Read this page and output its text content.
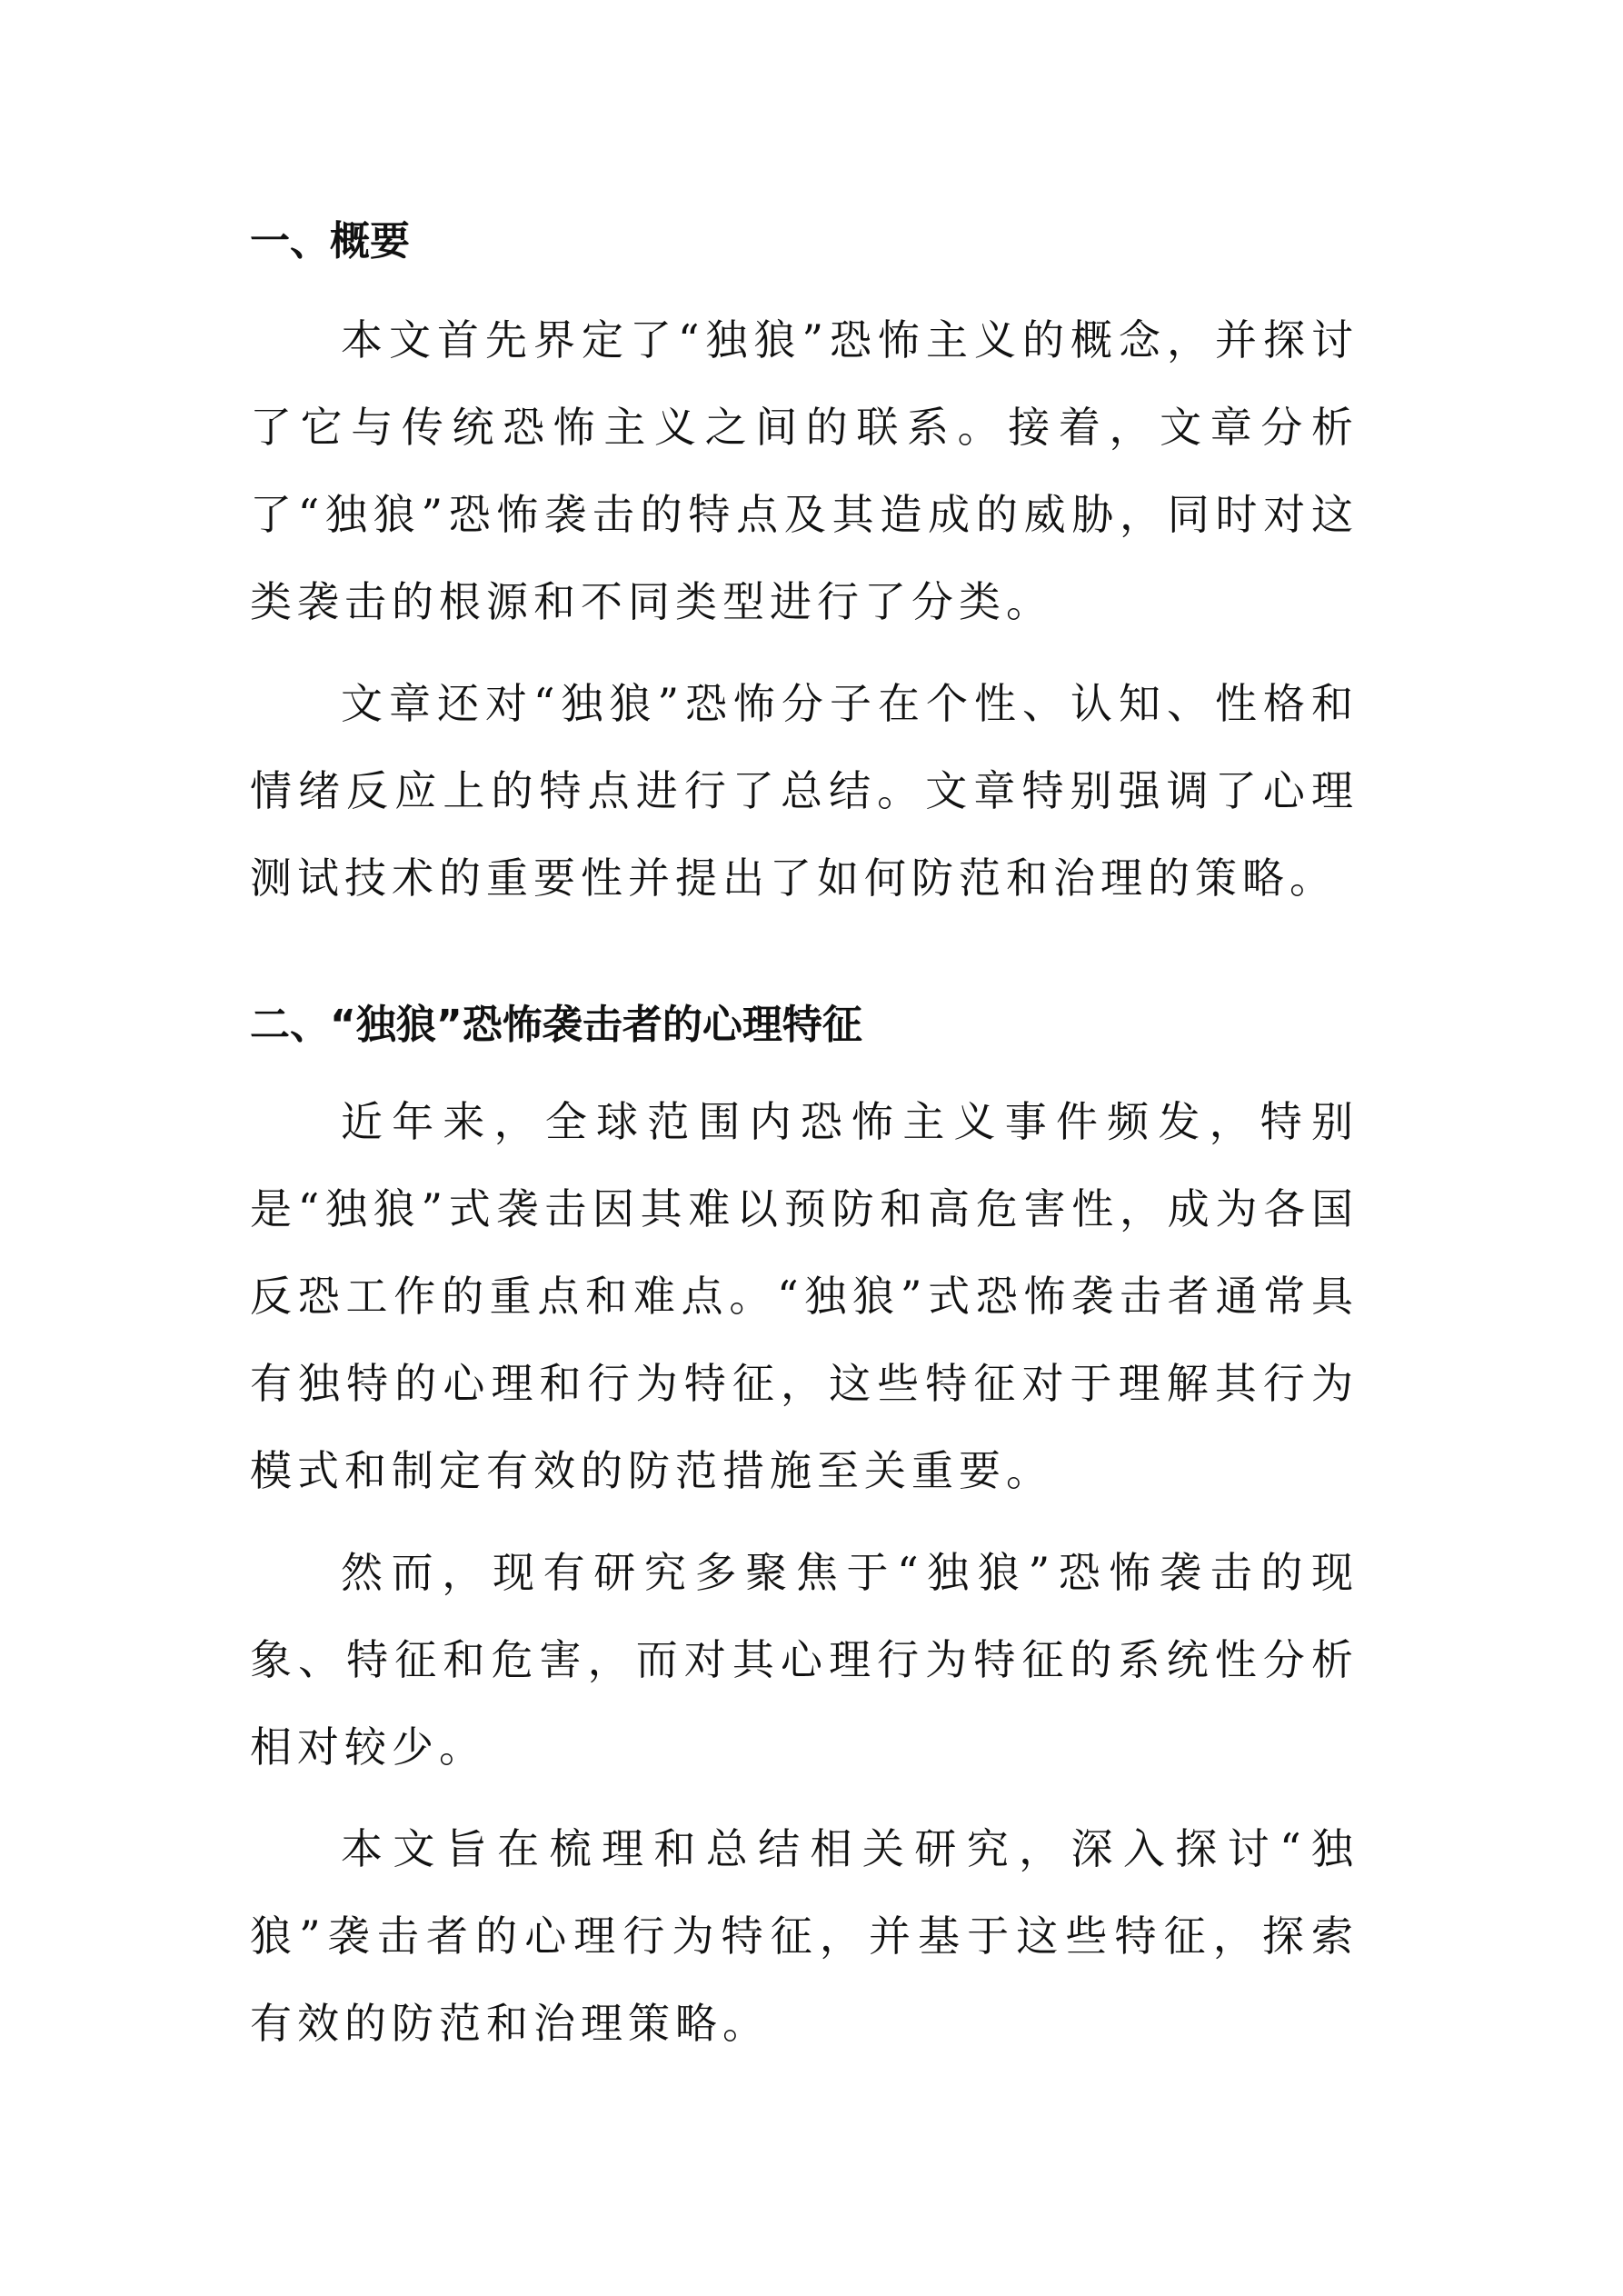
一、概要

本文首先界定了“独狼”恐怖主义的概念，并探讨了它与传统恐怖主义之间的联系。接着，文章分析了“独狼”恐怖袭击的特点及其造成的威胁，同时对这类袭击的根源和不同类型进行了分类。

文章还对“独狼”恐怖分子在个性、认知、性格和情绪反应上的特点进行了总结。文章特别强调了心理测试技术的重要性并提出了如何防范和治理的策略。

二、“独狼”恐怖袭击者的心理特征

近年来，全球范围内恐怖主义事件频发，特别是“独狼”式袭击因其难以预防和高危害性，成为各国反恐工作的重点和难点。“独狼”式恐怖袭击者通常具有独特的心理和行为特征，这些特征对于理解其行为模式和制定有效的防范措施至关重要。

然而，现有研究多聚焦于“独狼”恐怖袭击的现象、特征和危害，而对其心理行为特征的系统性分析相对较少。

本文旨在梳理和总结相关研究，深入探讨“独狼”袭击者的心理行为特征，并基于这些特征，探索有效的防范和治理策略。
